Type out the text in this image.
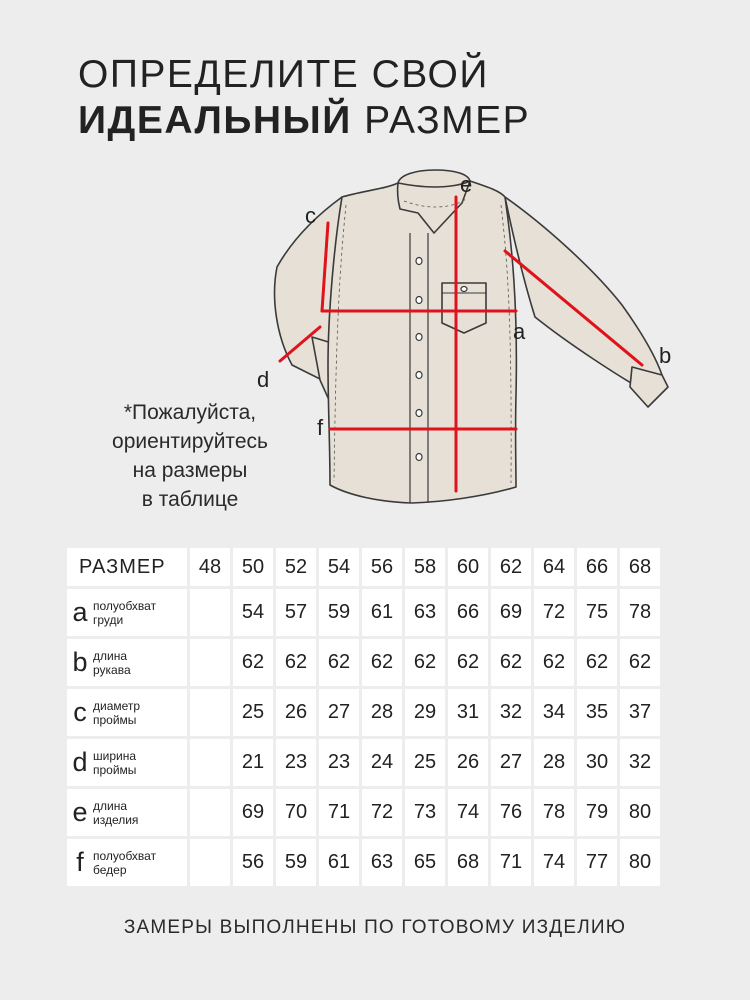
ОПРЕДЕЛИТЕ СВОЙ
ИДЕАЛЬНЫЙ РАЗМЕР
a
b
c
d
e
f
*Пожалуйста,
ориентируйтесь
на размеры
в таблице
РАЗМЕР	48	50	52	54	56	58	60	62	64	66	68

a полуобхват
груди		54	57	59	61	63	66	69	72	75	78

b длина
рукава		62	62	62	62	62	62	62	62	62	62

c диаметр
проймы		25	26	27	28	29	31	32	34	35	37

d ширина
проймы		21	23	23	24	25	26	27	28	30	32

e длина
изделия		69	70	71	72	73	74	76	78	79	80

f полуобхват
бедер		56	59	61	63	65	68	71	74	77	80
ЗАМЕРЫ ВЫПОЛНЕНЫ ПО ГОТОВОМУ ИЗДЕЛИЮ
